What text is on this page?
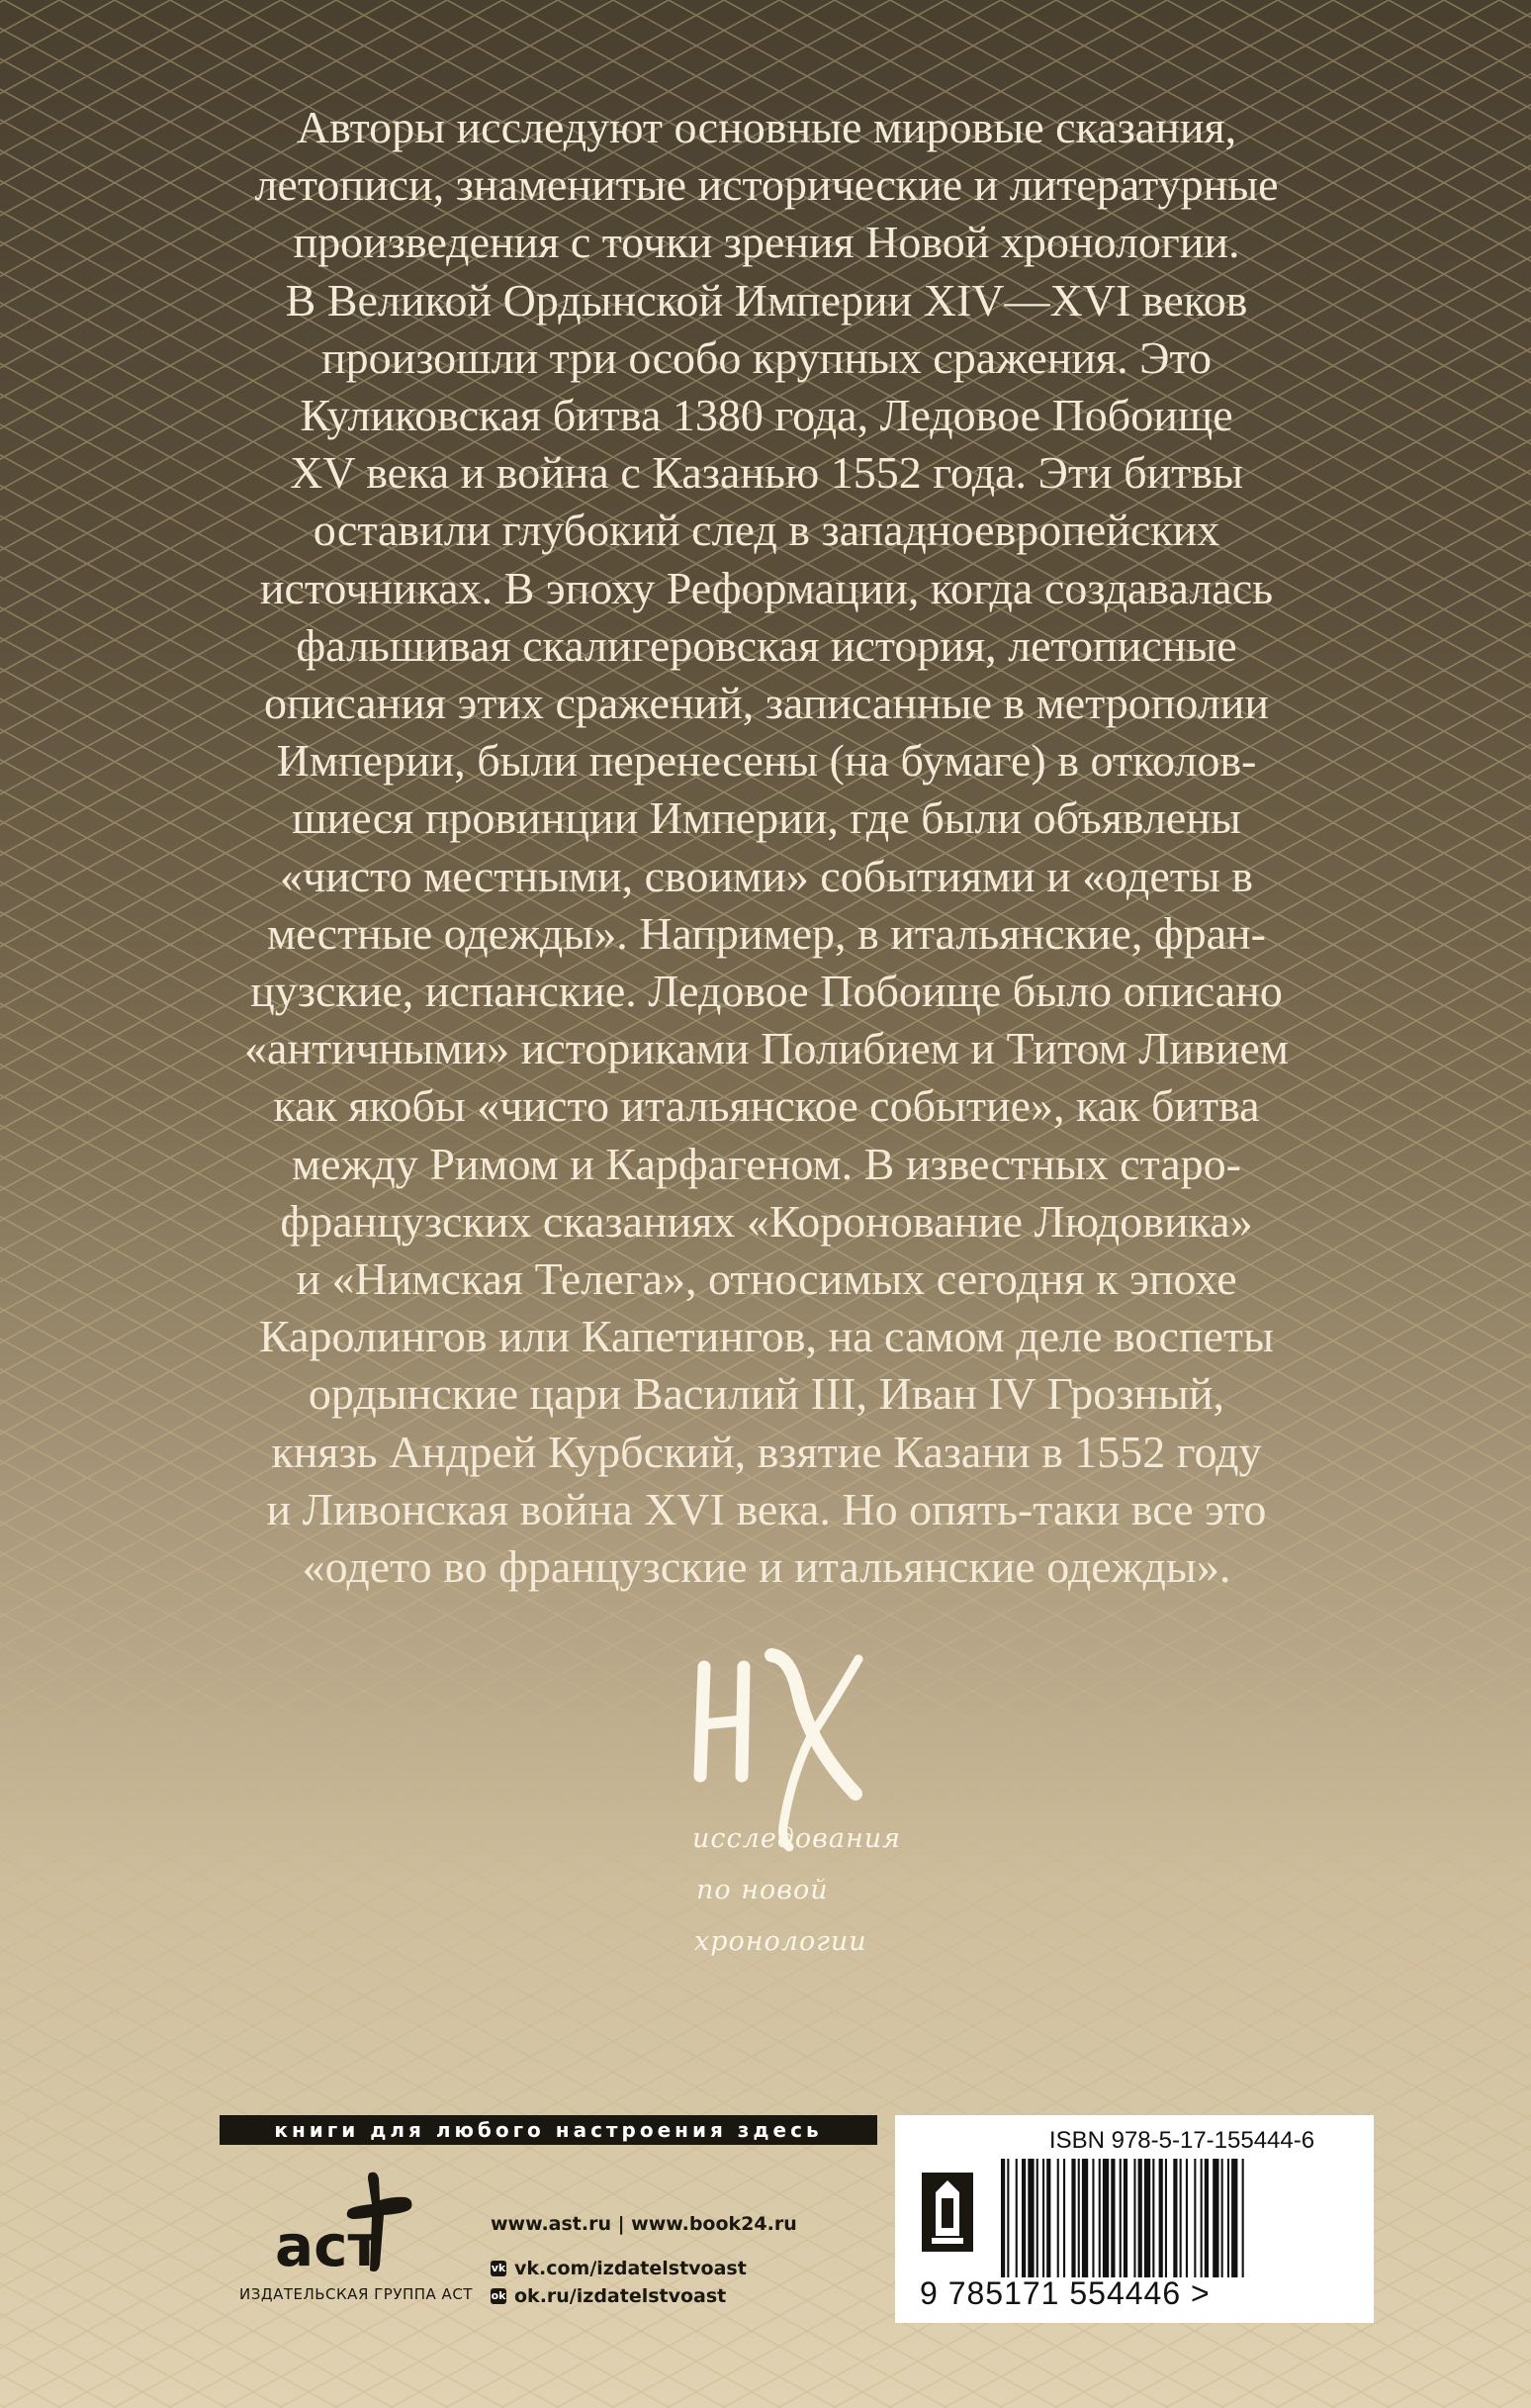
Авторы исследуют основные мировые сказания,
летописи, знаменитые исторические и литературные
произведения с точки зрения Новой хронологии.
В Великой Ордынской Империи XIV—XVI веков
произошли три особо крупных сражения. Это
Куликовская битва 1380 года, Ледовое Побоище
XV века и война с Казанью 1552 года. Эти битвы
оставили глубокий след в западноевропейских
источниках. В эпоху Реформации, когда создавалась
фальшивая скалигеровская история, летописные
описания этих сражений, записанные в метрополии
Империи, были перенесены (на бумаге) в отколов-
шиеся провинции Империи, где были объявлены
«чисто местными, своими» событиями и «одеты в
местные одежды». Например, в итальянские, фран-
цузские, испанские. Ледовое Побоище было описано
«античными» историками Полибием и Титом Ливием
как якобы «чисто итальянское событие», как битва
между Римом и Карфагеном. В известных старо-
французских сказаниях «Коронование Людовика»
и «Нимская Телега», относимых сегодня к эпохе
Каролингов или Капетингов, на самом деле воспеты
ордынские цари Василий III, Иван IV Грозный,
князь Андрей Курбский, взятие Казани в 1552 году
и Ливонская война XVI века. Но опять-таки все это
«одето во французские и итальянские одежды».
исследования
по новой
хронологии
книги для любого настроения здесь
аст
ИЗДАТЕЛЬСКАЯ ГРУППА АСТ
www.ast.ru | www.book24.ru
vk vk.com/izdatelstvoast
ok ok.ru/izdatelstvoast
ISBN 978-5-17-155444-6
9 785171 554446 >
